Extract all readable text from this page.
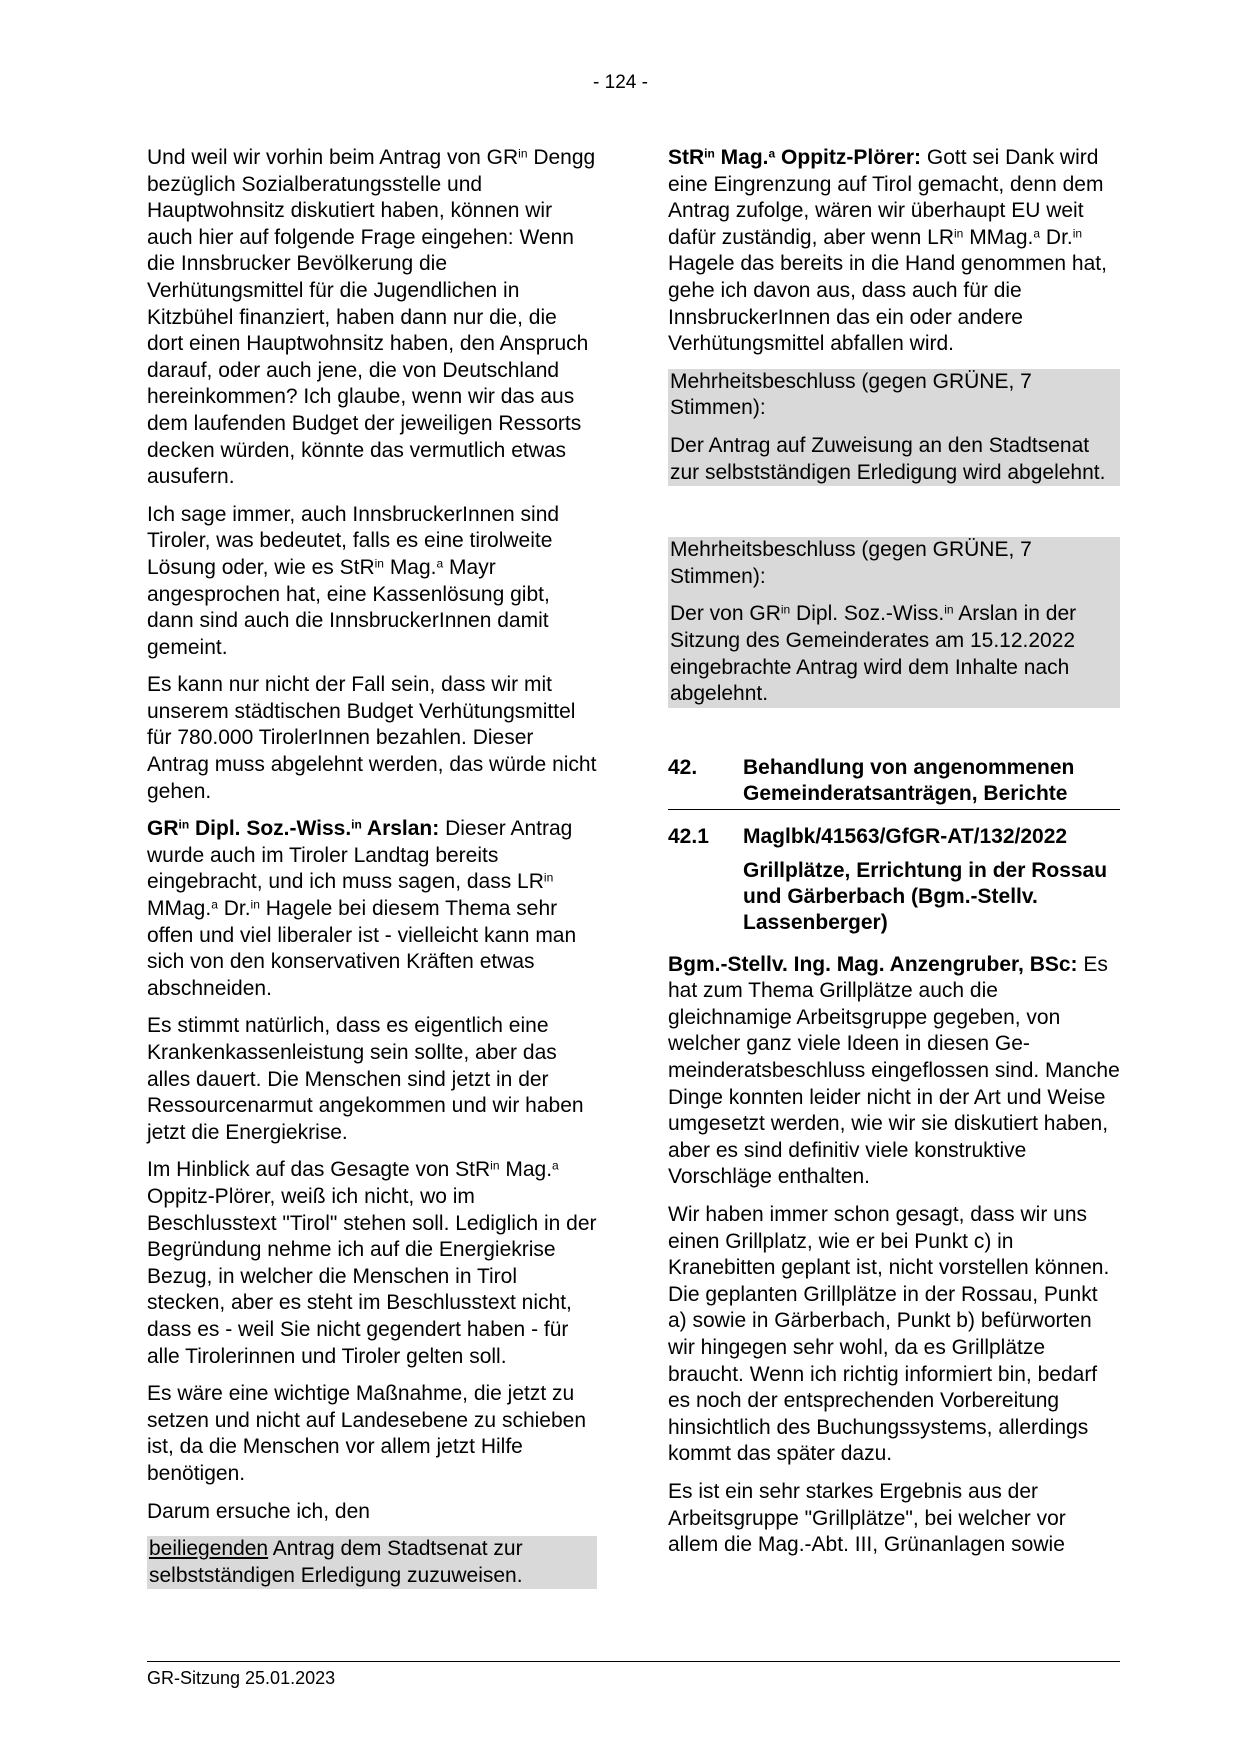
- 124 -

Und weil wir vorhin beim Antrag von $GR^{in}$ Dengg bezüglich Sozialberatungsstelle und Hauptwohnsitz diskutiert haben, können wir auch hier auf folgende Frage eingehen: Wenn die Innsbrucker Bevölkerung die Verhütungsmittel für die Jugendlichen in Kitzbühel finanziert, haben dann nur die, die dort einen Hauptwohnsitz haben, den Anspruch darauf, oder auch jene, die von Deutschland hereinkommen? Ich glaube, wenn wir das aus dem laufenden Budget der jeweiligen Ressorts decken würden, könnte das vermutlich etwas ausufern.

Ich sage immer, auch InnsbruckerInnen sind Tiroler, was bedeutet, falls es eine tirolweite Lösung oder, wie es StR$^{in}$ Mag.$^a$ Mayr angesprochen hat, eine Kassenlösung gibt, dann sind auch die InnsbruckerInnen damit gemeint.

Es kann nur nicht der Fall sein, dass wir mit unserem städtischen Budget Verhütungsmittel für 780.000 TirolerInnen bezahlen. Dieser Antrag muss abgelehnt werden, das würde nicht gehen.

$GR^{in}$ Dipl. Soz.-Wiss.$^{in}$ Arslan: Dieser Antrag wurde auch im Tiroler Landtag bereits eingebracht, und ich muss sagen, dass $LR^{in}$ MMag.$^a$ Dr.$^{in}$ Hagele bei diesem Thema sehr offen und viel liberaler ist - vielleicht kann man sich von den konservativen Kräften etwas abschneiden.

Es stimmt natürlich, dass es eigentlich eine Krankenkassenleistung sein sollte, aber das alles dauert. Die Menschen sind jetzt in der Ressourcenarmut angekommen und wir haben jetzt die Energiekrise.

Im Hinblick auf das Gesagte von StR$^{in}$ Mag.$^a$ Oppitz-Plörer, weiß ich nicht, wo im Beschlusstext "Tirol" stehen soll. Lediglich in der Begründung nehme ich auf die Energiekrise Bezug, in welcher die Menschen in Tirol stecken, aber es steht im Beschlusstext nicht, dass es - weil Sie nicht gegendert haben - für alle Tirolerinnen und Tiroler gelten soll.

Es wäre eine wichtige Maßnahme, die jetzt zu setzen und nicht auf Landesebene zu schieben ist, da die Menschen vor allem jetzt Hilfe benötigen.

Darum ersuche ich, den

beiliegenden Antrag dem Stadtsenat zur selbstständigen Erledigung zuzuweisen.

StR$^{in}$ Mag.$^a$ Oppitz-Plörer: Gott sei Dank wird eine Eingrenzung auf Tirol gemacht, denn dem Antrag zufolge, wären wir überhaupt EU weit dafür zuständig, aber wenn $LR^{in}$ MMag.$^a$ Dr.$^{in}$  Hagele das bereits in die Hand genommen hat, gehe ich davon aus, dass auch für die InnsbruckerInnen das ein oder andere Verhütungsmittel abfallen wird.

Mehrheitsbeschluss (gegen GRÜNE, 7 Stimmen):

Der Antrag auf Zuweisung an den Stadtsenat zur selbstständigen Erledigung wird abgelehnt.

Mehrheitsbeschluss (gegen GRÜNE, 7 Stimmen):

Der von $GR^{in}$ Dipl. Soz.-Wiss.$^{in}$ Arslan in der Sitzung des Gemeinderates am 15.12.2022 eingebrachte Antrag wird dem Inhalte nach abgelehnt.

42.	Behandlung von angenommenen Gemeinderatsanträgen, Berichte
42.1	Maglbk/41563/GfGR-AT/132/2022
Grillplätze, Errichtung in der Rossau und Gärberbach (Bgm.-Stellv. Lassenberger)

Bgm.-Stellv. Ing. Mag. Anzengruber, BSc: Es hat zum Thema Grillplätze auch die gleichnamige Arbeitsgruppe gegeben, von welcher ganz viele Ideen in diesen Gemeinderatsbeschluss eingeflossen sind. Manche Dinge konnten leider nicht in der Art und Weise umgesetzt werden, wie wir sie diskutiert haben, aber es sind definitiv viele konstruktive Vorschläge enthalten.

Wir haben immer schon gesagt, dass wir uns einen Grillplatz, wie er bei Punkt c) in Kranebitten geplant ist, nicht vorstellen können. Die geplanten Grillplätze in der Rossau, Punkt a) sowie in Gärberbach, Punkt b) befürworten wir hingegen sehr wohl, da es Grillplätze braucht. Wenn ich richtig informiert bin, bedarf es noch der entsprechenden Vorbereitung hinsichtlich des Buchungssystems, allerdings kommt das später dazu.

Es ist ein sehr starkes Ergebnis aus der Arbeitsgruppe "Grillplätze", bei welcher vor allem die Mag.-Abt. III, Grünanlagen sowie

GR-Sitzung 25.01.2023
